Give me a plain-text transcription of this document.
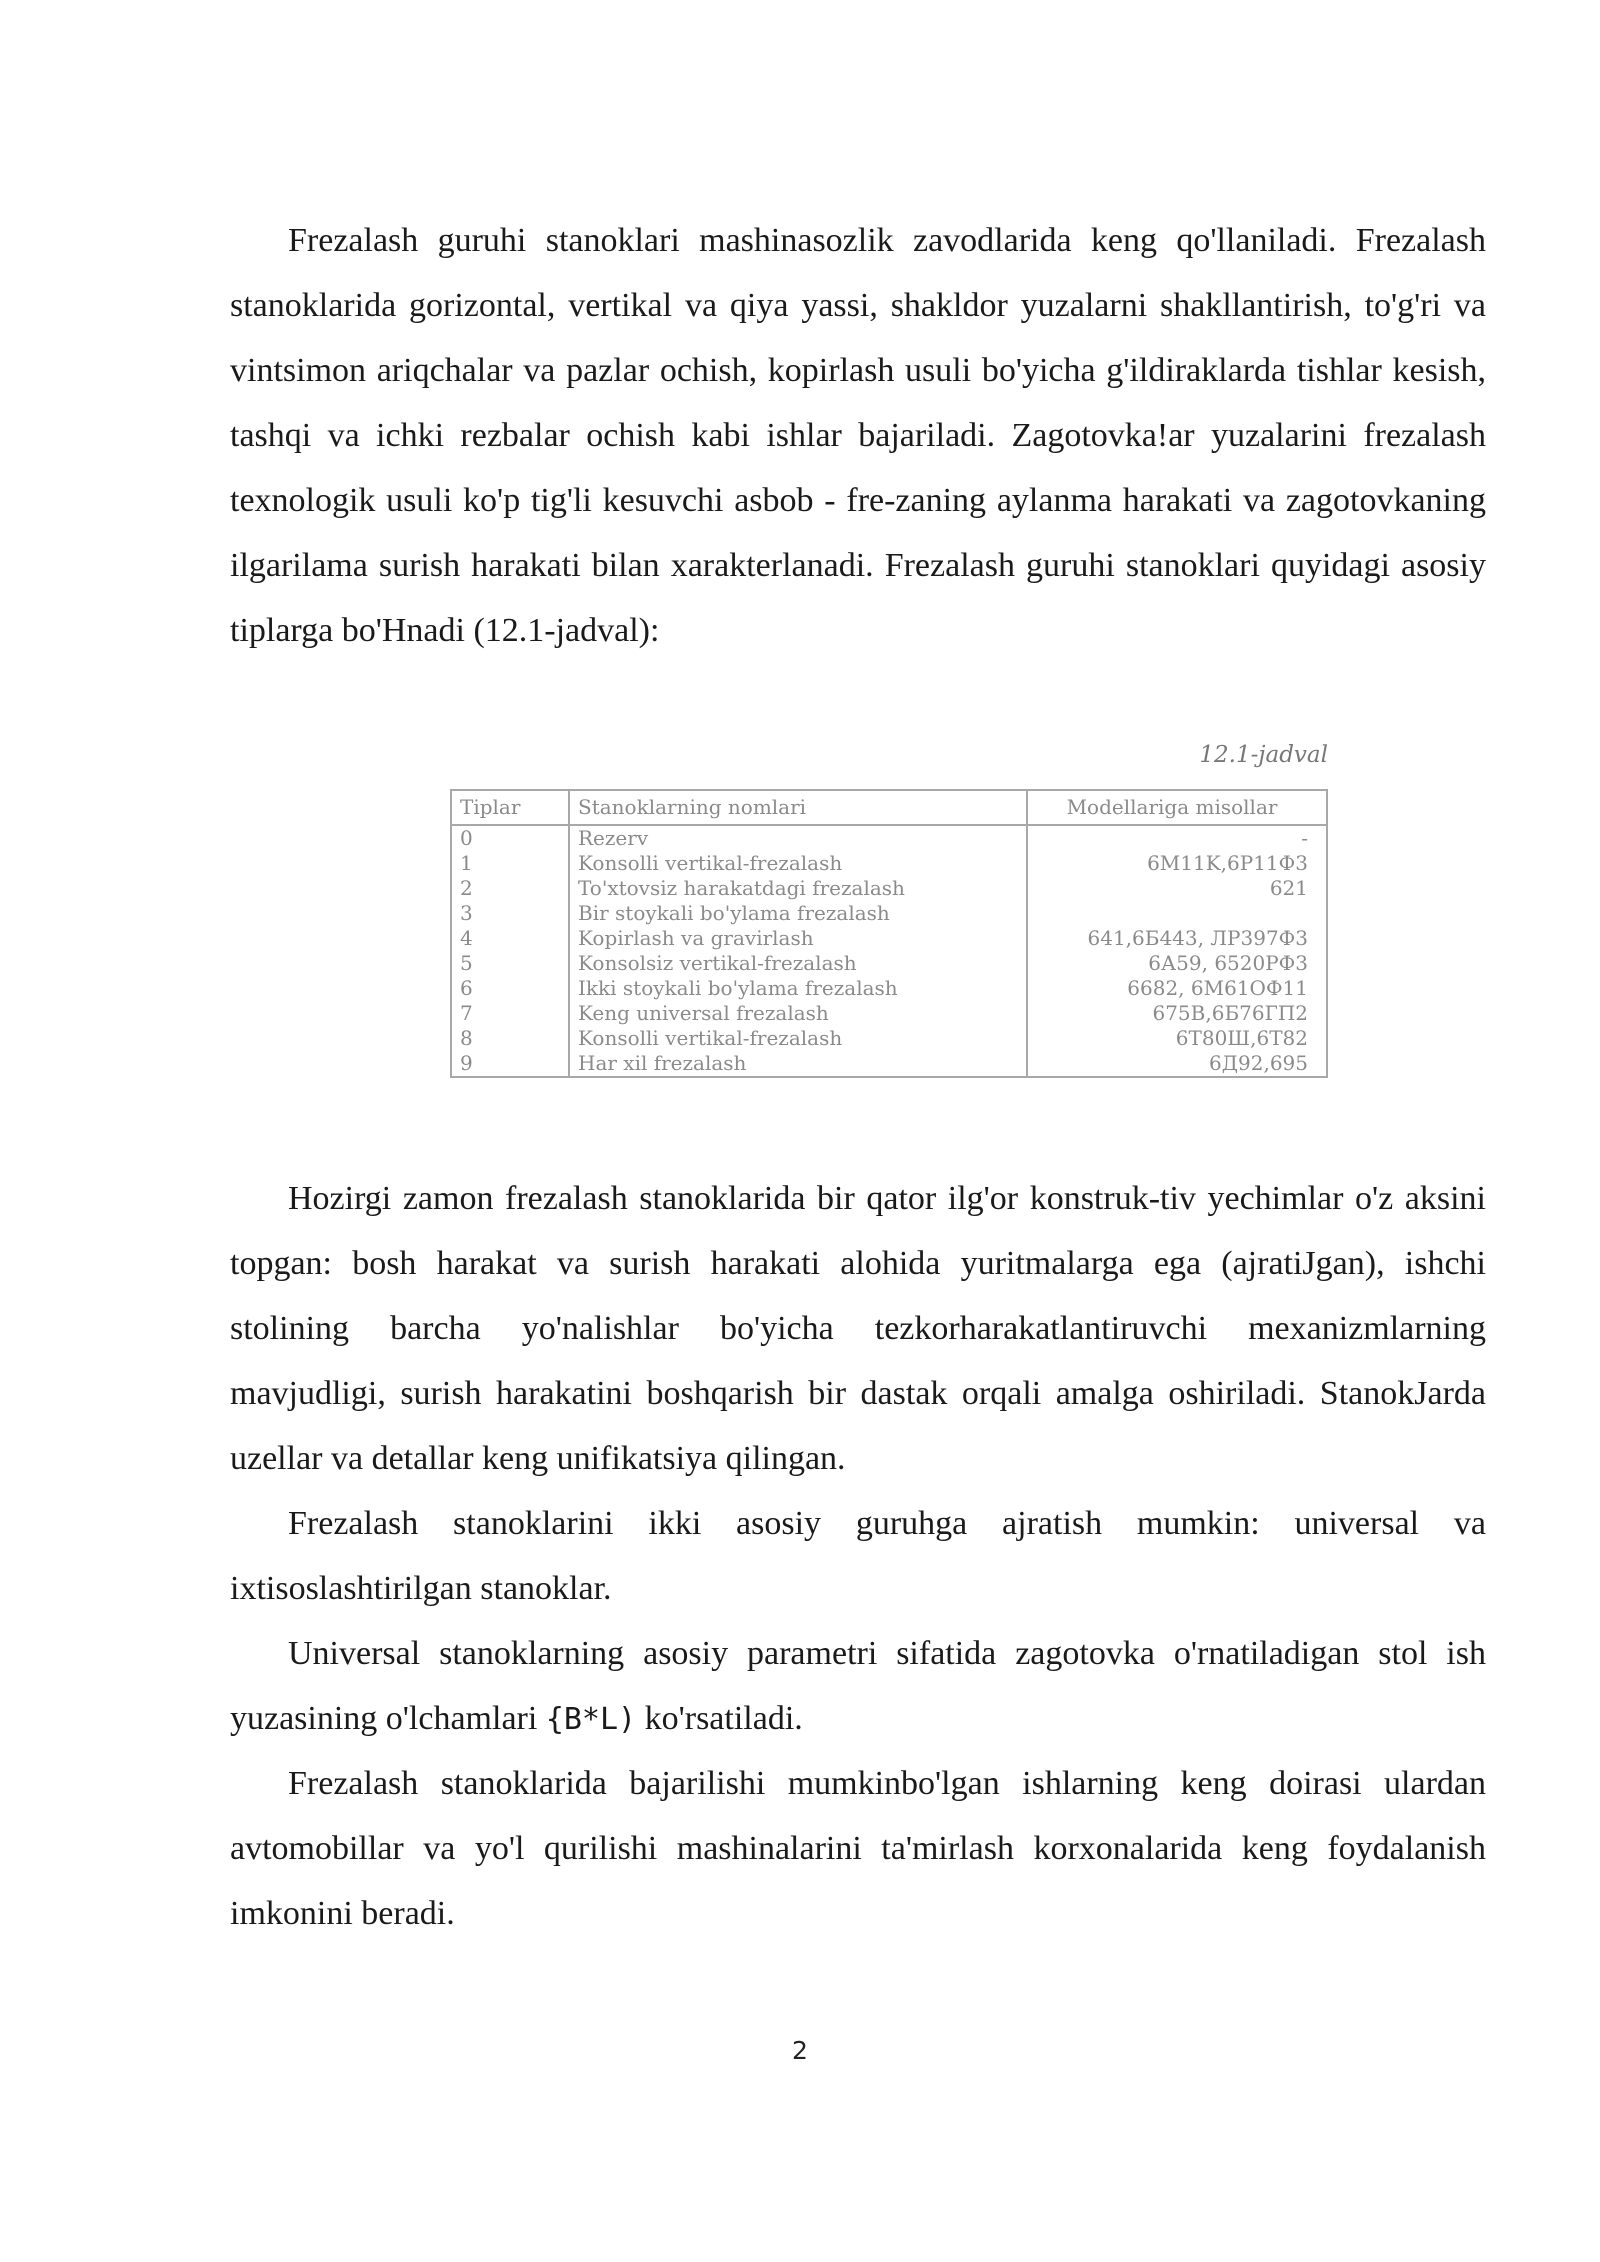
Frezalash guruhi stanoklari mashinasozlik zavodlarida keng qo'llaniladi. Frezalash stanoklarida gorizontal, vertikal va qiya yassi, shakldor yuzalarni shakllantirish, to'g'ri va vintsimon ariqchalar va pazlar ochish, kopirlash usuli bo'yicha g'ildiraklarda tishlar kesish, tashqi va ichki rezbalar ochish kabi ishlar bajariladi. Zagotovka!ar yuzalarini frezalash texnologik usuli ko'p tig'li kesuvchi asbob - fre-zaning aylanma harakati va zagotovkaning ilgarilama surish harakati bilan xarakterlanadi. Frezalash guruhi stanoklari quyidagi asosiy tiplarga bo'Hnadi (12.1-jadval):

12.1-jadval
Tiplar	Stanoklarning nomlari	Modellariga misollar
0	Rezerv	-
1	Konsolli vertikal-frezalash	6M11K,6P11Ф3
2	To'xtovsiz harakatdagi frezalash	621
3	Bir stoykali bo'ylama frezalash	
4	Kopirlash va gravirlash	641,6Б443, ЛР397Ф3
5	Konsolsiz vertikal-frezalash	6А59, 6520РФ3
6	Ikki stoykali bo'ylama frezalash	6682, 6M61OФ11
7	Keng universal frezalash	675В,6Б76ГП2
8	Konsolli vertikal-frezalash	6T80Ш,6T82
9	Har xil frezalash	6Д92,695

Hozirgi zamon frezalash stanoklarida bir qator ilg'or konstruk-tiv yechimlar o'z aksini topgan: bosh harakat va surish harakati alohida yuritmalarga ega (ajratiJgan), ishchi stolining barcha yo'nalishlar bo'yicha tezkorharakatlantiruvchi mexanizmlarning mavjudligi, surish harakatini boshqarish bir dastak orqali amalga oshiriladi. StanokJarda uzellar va detallar keng unifikatsiya qilingan.

Frezalash stanoklarini ikki asosiy guruhga ajratish mumkin: universal va ixtisoslashtirilgan stanoklar.

Universal stanoklarning asosiy parametri sifatida zagotovka o'rnatiladigan stol ish yuzasining o'lchamlari {B*L) ko'rsatiladi.

Frezalash stanoklarida bajarilishi mumkinbo'lgan ishlarning keng doirasi ulardan avtomobillar va yo'l qurilishi mashinalarini ta'mirlash korxonalarida keng foydalanish imkonini beradi.

2
